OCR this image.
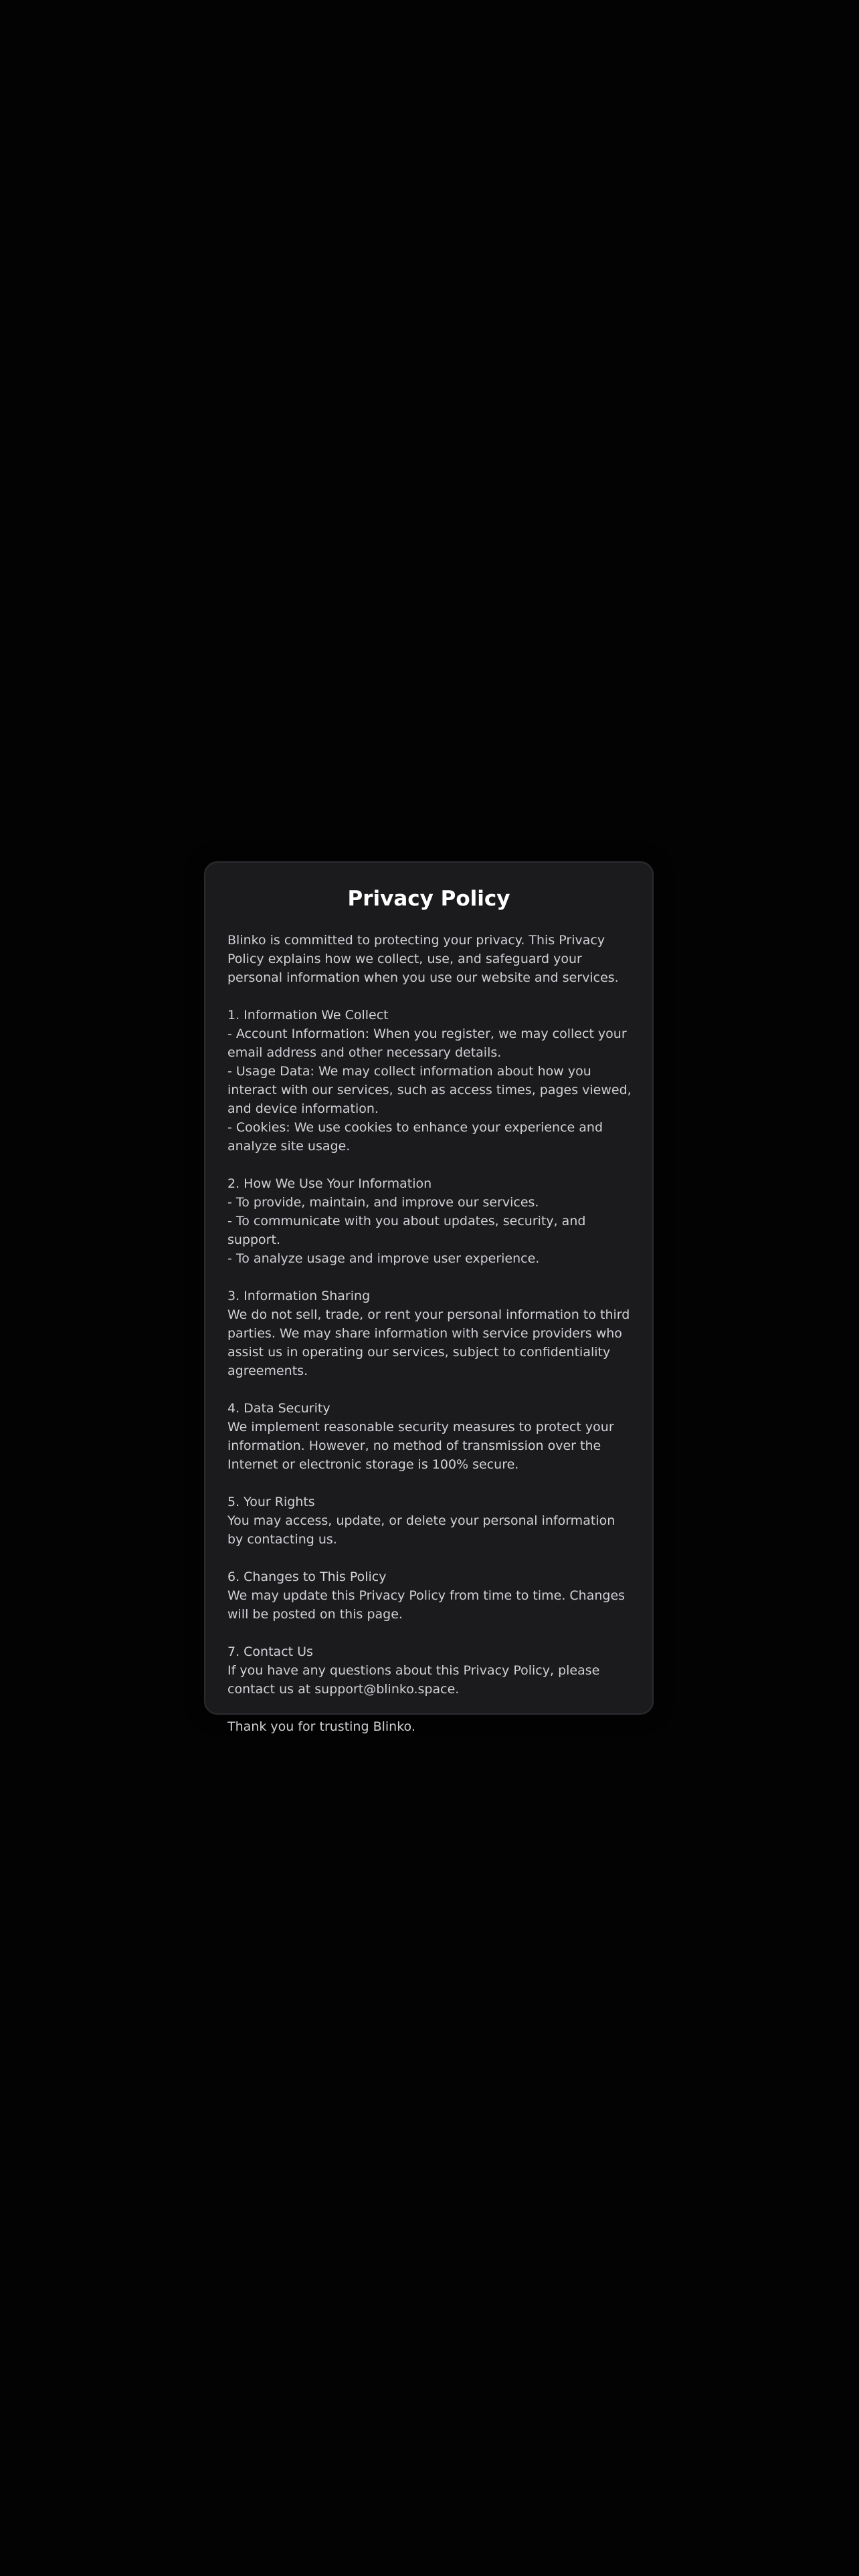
Privacy Policy

Blinko is committed to protecting your privacy. This Privacy Policy explains how we collect, use, and safeguard your personal information when you use our website and services.

1. Information We Collect
- Account Information: When you register, we may collect your email address and other necessary details.
- Usage Data: We may collect information about how you interact with our services, such as access times, pages viewed, and device information.
- Cookies: We use cookies to enhance your experience and analyze site usage.
2. How We Use Your Information
- To provide, maintain, and improve our services.
- To communicate with you about updates, security, and support.
- To analyze usage and improve user experience.
3. Information Sharing
We do not sell, trade, or rent your personal information to third parties. We may share information with service providers who assist us in operating our services, subject to confidentiality agreements.
4. Data Security
We implement reasonable security measures to protect your information. However, no method of transmission over the Internet or electronic storage is 100% secure.
5. Your Rights
You may access, update, or delete your personal information by contacting us.
6. Changes to This Policy
We may update this Privacy Policy from time to time. Changes will be posted on this page.
7. Contact Us
If you have any questions about this Privacy Policy, please contact us at support@blinko.space.

Thank you for trusting Blinko.
